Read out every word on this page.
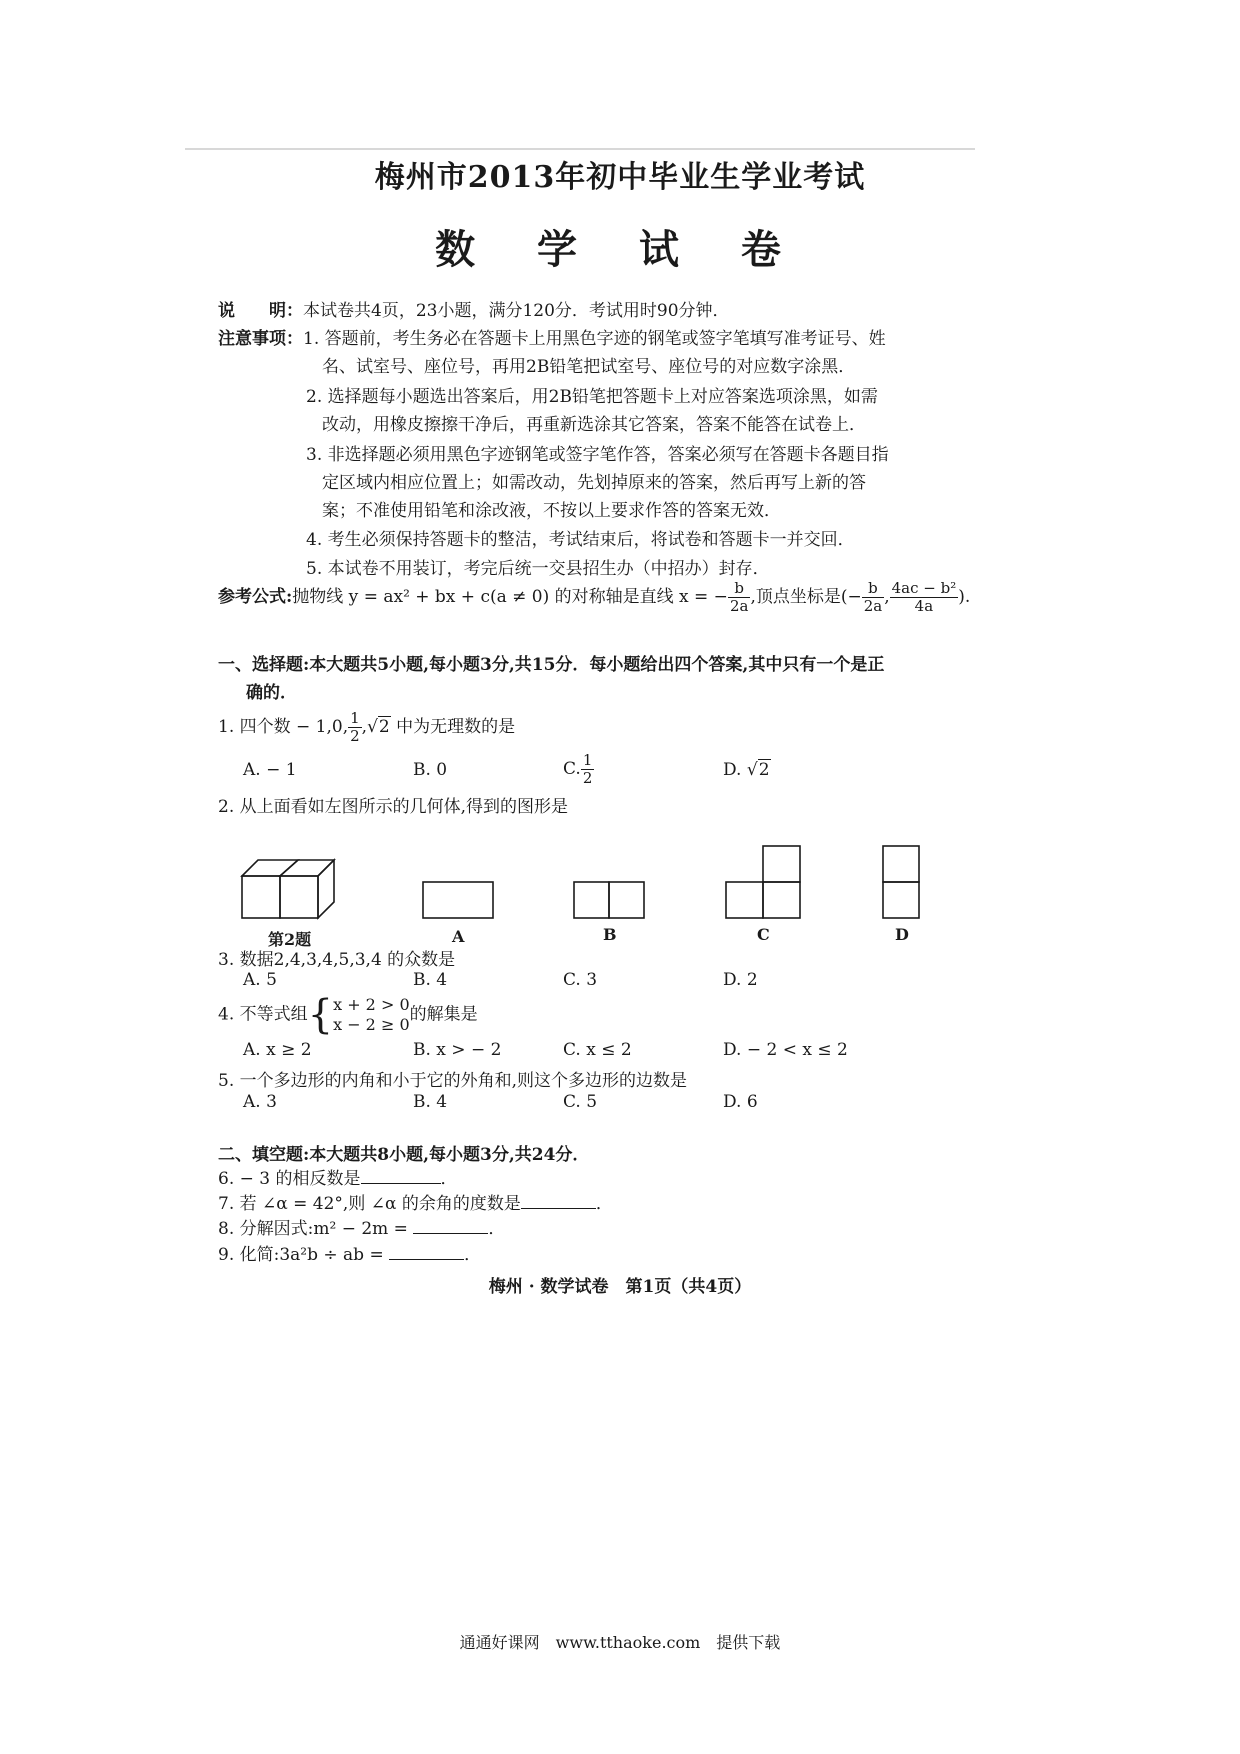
梅州市2013年初中毕业生学业考试
数 学 试 卷
说　　明：本试卷共4页，23小题，满分120分．考试用时90分钟．
注意事项：1. 答题前，考生务必在答题卡上用黑色字迹的钢笔或签字笔填写准考证号、姓
名、试室号、座位号，再用2B铅笔把试室号、座位号的对应数字涂黑．
2. 选择题每小题选出答案后，用2B铅笔把答题卡上对应答案选项涂黑，如需
改动，用橡皮擦擦干净后，再重新选涂其它答案，答案不能答在试卷上．
3. 非选择题必须用黑色字迹钢笔或签字笔作答，答案必须写在答题卡各题目指
定区域内相应位置上；如需改动，先划掉原来的答案，然后再写上新的答
案；不准使用铅笔和涂改液，不按以上要求作答的答案无效．
4. 考生必须保持答题卡的整洁，考试结束后，将试卷和答题卡一并交回．
5. 本试卷不用装订，考完后统一交县招生办（中招办）封存．
参考公式:抛物线 y = ax² + bx + c(a ≠ 0) 的对称轴是直线 x = − $\frac{b}{2a}$ ,顶点坐标是(− $\frac{b}{2a}$ , $\frac{\text{4ac − b²}}{4a}$ ).
一、选择题:本大题共5小题,每小题3分,共15分．每小题给出四个答案,其中只有一个是正
确的．
1. 四个数 − 1,0, $\frac{1}{2} ,√2$ 中为无理数的是
A. − 1	B. 0	C. $\frac{1}{2}$	D. √2
2. 从上面看如左图所示的几何体,得到的图形是
第2题	A	B	C	D
3. 数据2,4,3,4,5,3,4 的众数是
A. 5	B. 4	C. 3	D. 2
4. 不等式组{ x + 2 > 0
x − 2 ≥ 0 的解集是
A. x ≥ 2	B. x > − 2	C. x ≤ 2	D. − 2 < x ≤ 2
5. 一个多边形的内角和小于它的外角和,则这个多边形的边数是
A. 3	B. 4	C. 5	D. 6
二、填空题:本大题共8小题,每小题3分,共24分．
6. − 3 的相反数是	．
7. 若 ∠α = 42°,则 ∠α 的余角的度数是	．
8. 分解因式:m² − 2m =	．
9. 化简:3a²b ÷ ab =	．
梅州 · 数学试卷　第1页（共4页）
通通好课网　www.tthaoke.com　提供下载
